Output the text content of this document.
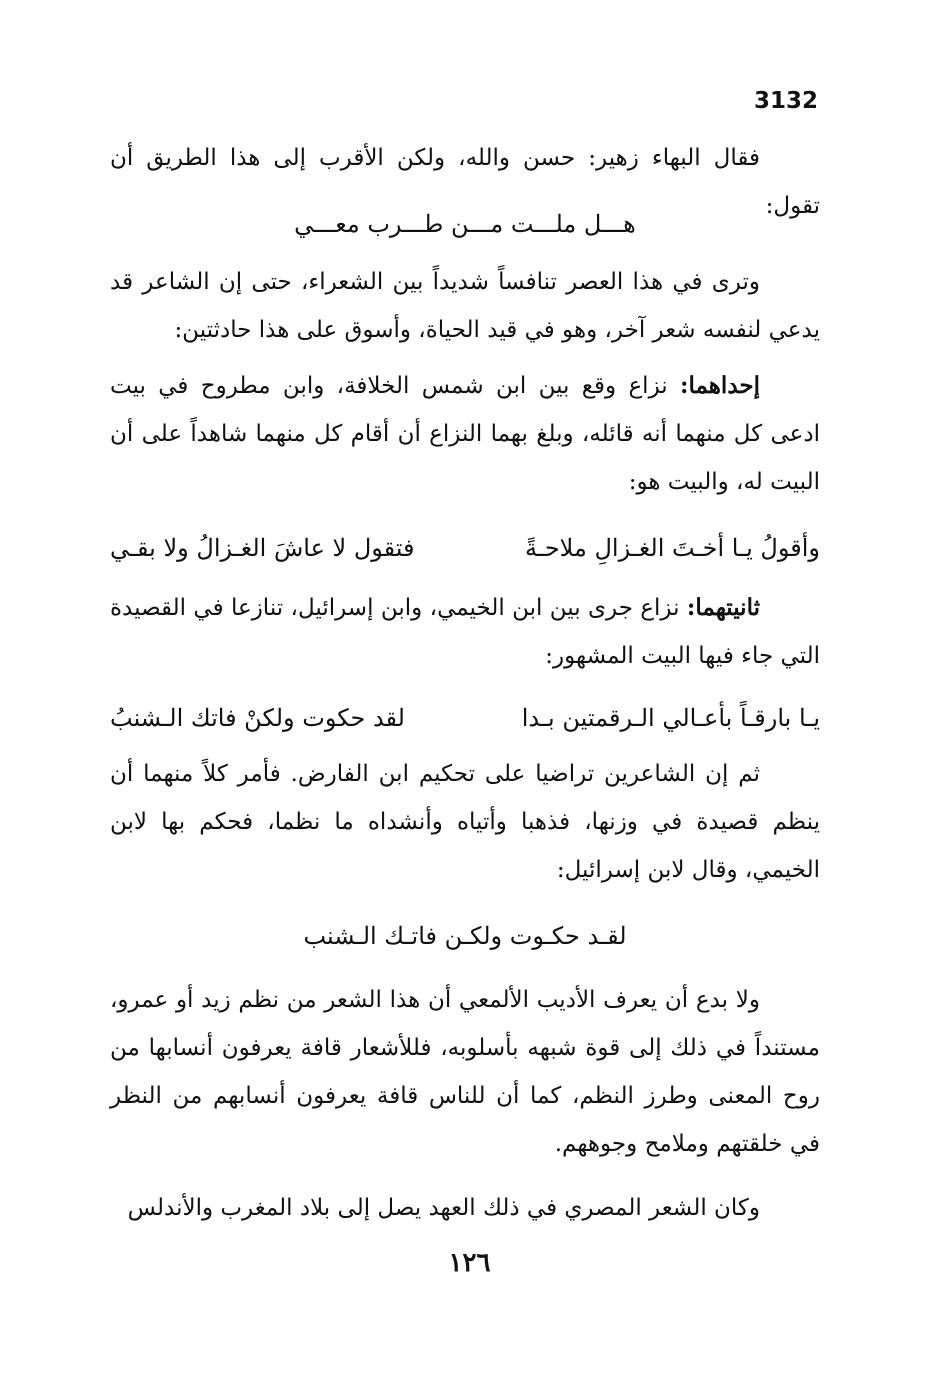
3132
فقال البهاء زهير: حسن والله، ولكن الأقرب إلى هذا الطريق أن تقول:
هـــل ملـــت مـــن طـــرب معـــي
وترى في هذا العصر تنافساً شديداً بين الشعراء، حتى إن الشاعر قد يدعي لنفسه شعر آخر، وهو في قيد الحياة، وأسوق على هذا حادثتين:
إحداهما: نزاع وقع بين ابن شمس الخلافة، وابن مطروح في بيت ادعى كل منهما أنه قائله، وبلغ بهما النزاع أن أقام كل منهما شاهداً على أن البيت له، والبيت هو:
وأقولُ يـا أخـتَ الغـزالِ ملاحـةً
فتقول لا عاشَ الغـزالُ ولا بقـي
ثانيتهما: نزاع جرى بين ابن الخيمي، وابن إسرائيل، تنازعا في القصيدة التي جاء فيها البيت المشهور:
يـا بارقـاً بأعـالي الـرقمتين بـدا
لقد حكوت ولكنْ فاتك الـشنبُ
ثم إن الشاعرين تراضيا على تحكيم ابن الفارض. فأمر كلاً منهما أن ينظم قصيدة في وزنها، فذهبا وأتياه وأنشداه ما نظما، فحكم بها لابن الخيمي، وقال لابن إسرائيل:
لقـد حكـوت ولكـن فاتـك الـشنب
ولا بدع أن يعرف الأديب الألمعي أن هذا الشعر من نظم زيد أو عمرو، مستنداً في ذلك إلى قوة شبهه بأسلوبه، فللأشعار قافة يعرفون أنسابها من روح المعنى وطرز النظم، كما أن للناس قافة يعرفون أنسابهم من النظر في خلقتهم وملامح وجوههم.
وكان الشعر المصري في ذلك العهد يصل إلى بلاد المغرب والأندلس
١٢٦
